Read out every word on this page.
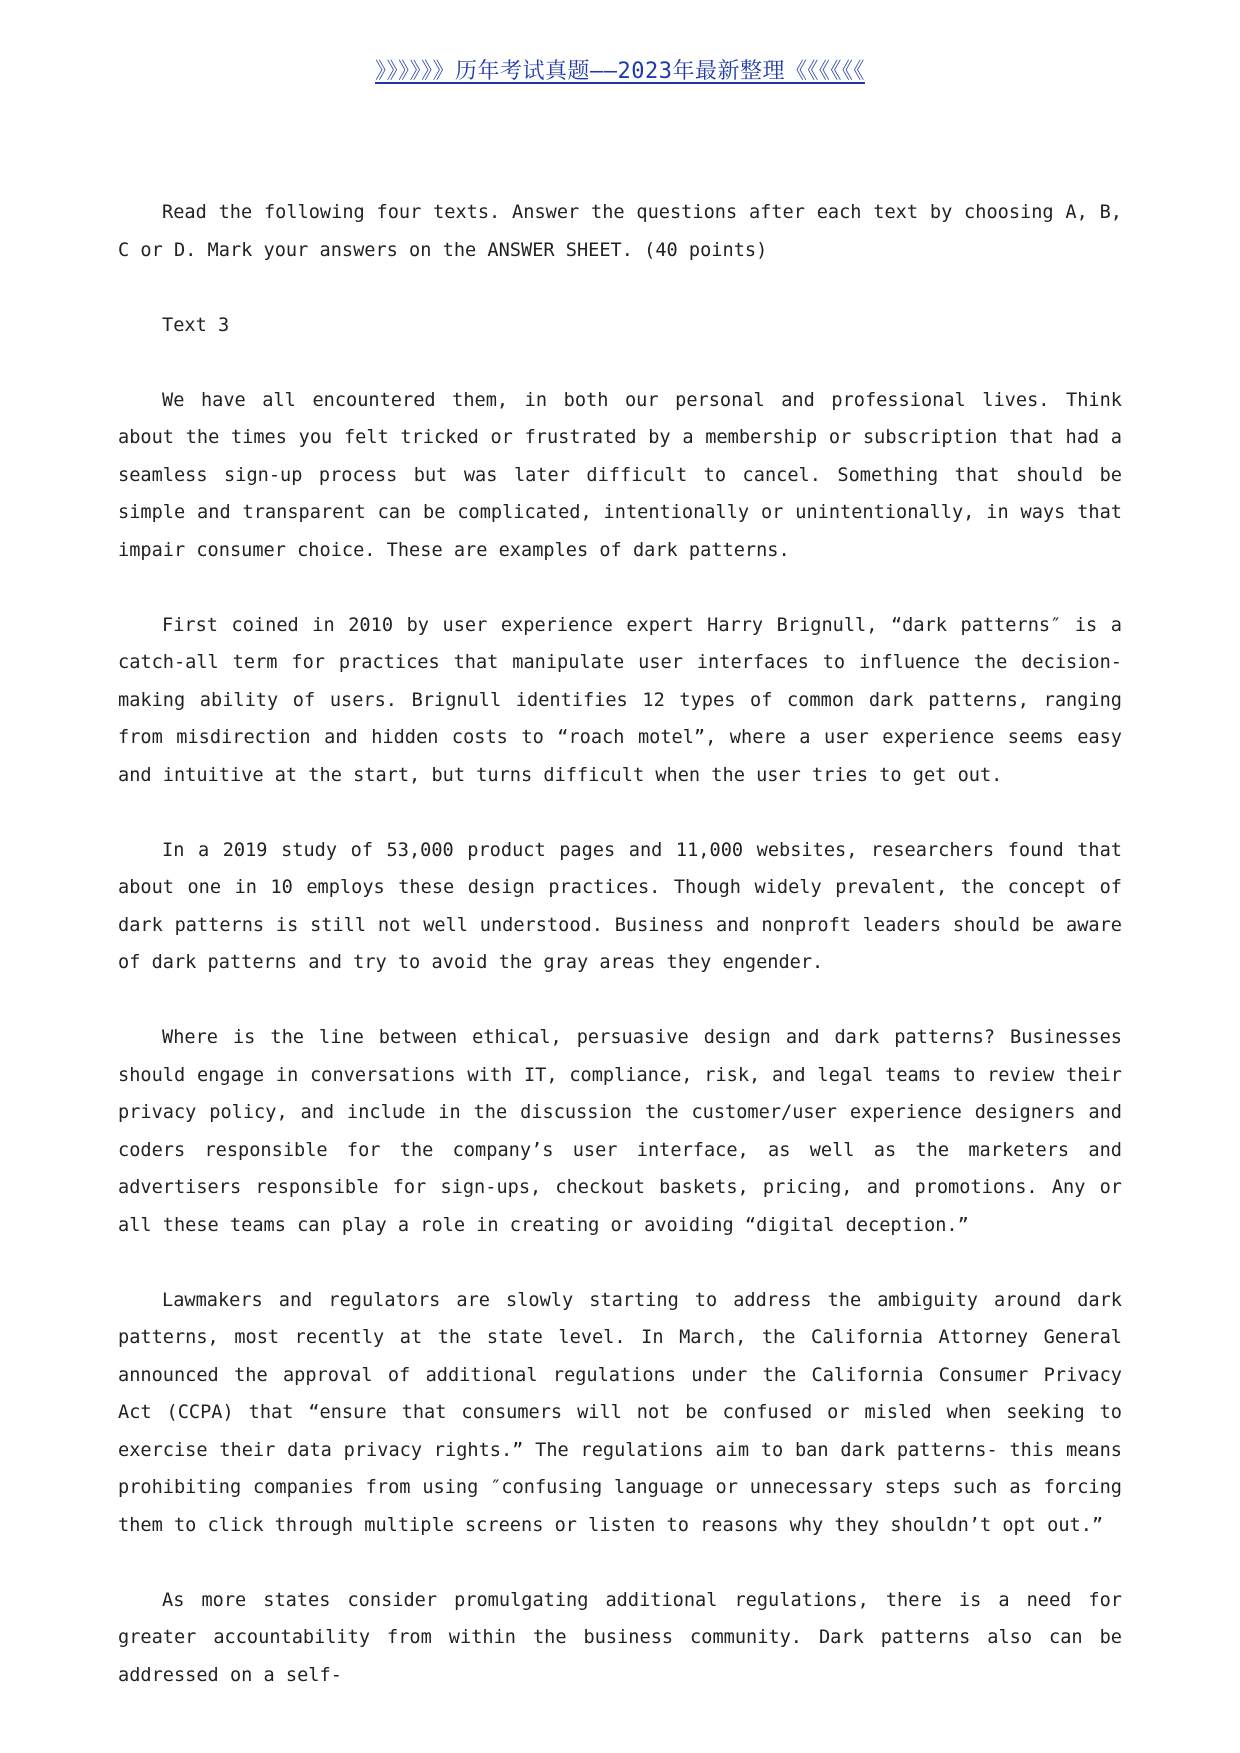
》》》》》》历年考试真题——2023年最新整理《《《《《《

Read the following four texts. Answer the questions after each text by choosing A, B, C or D. Mark your answers on the ANSWER SHEET. (40 points)

Text 3

We have all encountered them, in both our personal and professional lives. Think about the times you felt tricked or frustrated by a membership or subscription that had a seamless sign-up process but was later difficult to cancel. Something that should be simple and transparent can be complicated, intentionally or unintentionally, in ways that impair consumer choice. These are examples of dark patterns.

First coined in 2010 by user experience expert Harry Brignull, “dark patterns″ is a catch-all term for practices that manipulate user interfaces to influence the decision-making ability of users. Brignull identifies 12 types of common dark patterns, ranging from misdirection and hidden costs to “roach motel”, where a user experience seems easy and intuitive at the start, but turns difficult when the user tries to get out.

In a 2019 study of 53,000 product pages and 11,000 websites, researchers found that about one in 10 employs these design practices. Though widely prevalent, the concept of dark patterns is still not well understood. Business and nonproft leaders should be aware of dark patterns and try to avoid the gray areas they engender.

Where is the line between ethical, persuasive design and dark patterns? Businesses should engage in conversations with IT, compliance, risk, and legal teams to review their privacy policy, and include in the discussion the customer/user experience designers and coders responsible for the company’s user interface, as well as the marketers and advertisers responsible for sign-ups, checkout baskets, pricing, and promotions. Any or all these teams can play a role in creating or avoiding “digital deception.”

Lawmakers and regulators are slowly starting to address the ambiguity around dark patterns, most recently at the state level. In March, the California Attorney General announced the approval of additional regulations under the California Consumer Privacy Act (CCPA) that “ensure that consumers will not be confused or misled when seeking to exercise their data privacy rights.” The regulations aim to ban dark patterns- this means prohibiting companies from using ″confusing language or unnecessary steps such as forcing them to click through multiple screens or listen to reasons why they shouldn’t opt out.”

As more states consider promulgating additional regulations, there is a need for greater accountability from within the business community. Dark patterns also can be addressed on a self-
